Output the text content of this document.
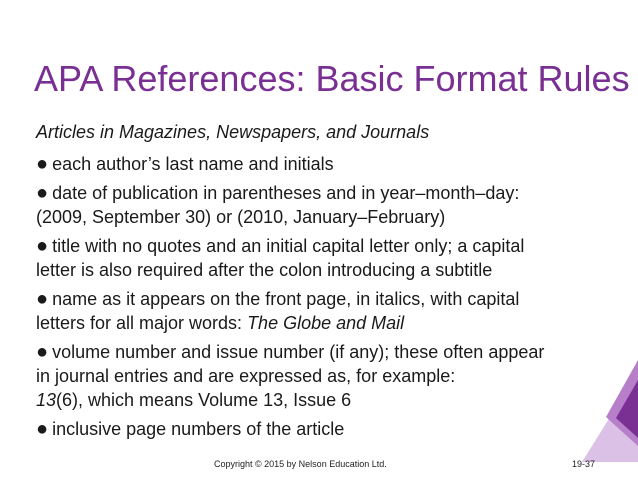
APA References: Basic Format Rules
Articles in Magazines, Newspapers, and Journals
● each author’s last name and initials
● date of publication in parentheses and in year–month–day:
(2009, September 30) or (2010, January–February)
● title with no quotes and an initial capital letter only; a capital
letter is also required after the colon introducing a subtitle
● name as it appears on the front page, in italics, with capital
letters for all major words: The Globe and Mail
● volume number and issue number (if any); these often appear
in journal entries and are expressed as, for example:
13(6), which means Volume 13, Issue 6
● inclusive page numbers of the article
Copyright © 2015 by Nelson Education Ltd.	19-37
